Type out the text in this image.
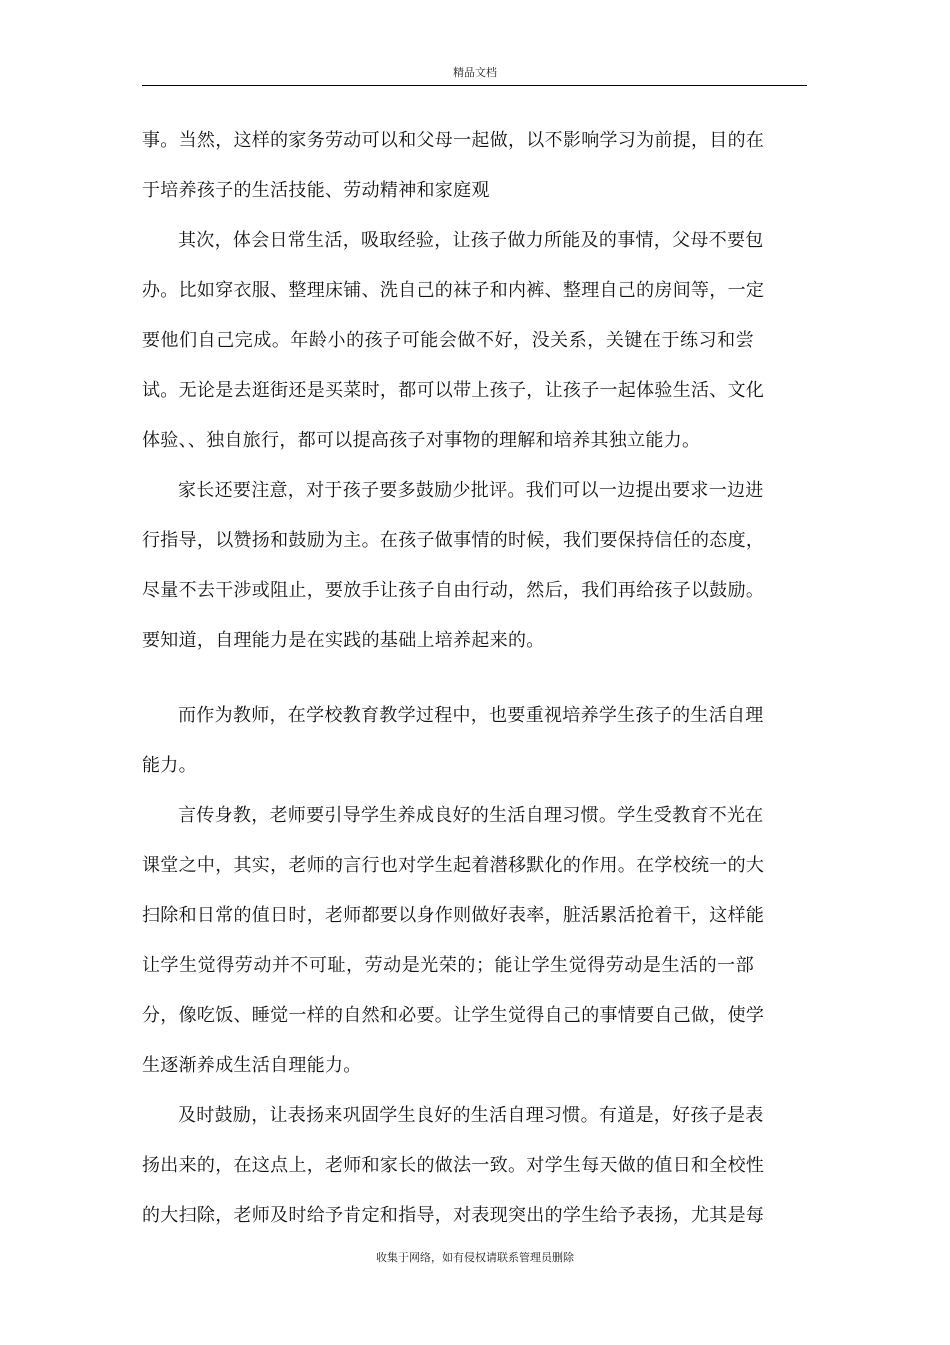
精品文档
事。当然，这样的家务劳动可以和父母一起做，以不影响学习为前提，目的在
于培养孩子的生活技能、劳动精神和家庭观
其次，体会日常生活，吸取经验，让孩子做力所能及的事情，父母不要包
办。比如穿衣服、整理床铺、洗自己的袜子和内裤、整理自己的房间等，一定
要他们自己完成。年龄小的孩子可能会做不好，没关系，关键在于练习和尝
试。无论是去逛街还是买菜时，都可以带上孩子，让孩子一起体验生活、文化
体验、、独自旅行，都可以提高孩子对事物的理解和培养其独立能力。
家长还要注意，对于孩子要多鼓励少批评。我们可以一边提出要求一边进
行指导，以赞扬和鼓励为主。在孩子做事情的时候，我们要保持信任的态度，
尽量不去干涉或阻止，要放手让孩子自由行动，然后，我们再给孩子以鼓励。
要知道，自理能力是在实践的基础上培养起来的。
而作为教师，在学校教育教学过程中，也要重视培养学生孩子的生活自理
能力。
言传身教，老师要引导学生养成良好的生活自理习惯。学生受教育不光在
课堂之中，其实，老师的言行也对学生起着潜移默化的作用。在学校统一的大
扫除和日常的值日时，老师都要以身作则做好表率，脏活累活抢着干，这样能
让学生觉得劳动并不可耻，劳动是光荣的；能让学生觉得劳动是生活的一部
分，像吃饭、睡觉一样的自然和必要。让学生觉得自己的事情要自己做，使学
生逐渐养成生活自理能力。
及时鼓励，让表扬来巩固学生良好的生活自理习惯。有道是，好孩子是表
扬出来的，在这点上，老师和家长的做法一致。对学生每天做的值日和全校性
的大扫除，老师及时给予肯定和指导，对表现突出的学生给予表扬，尤其是每
收集于网络，如有侵权请联系管理员删除
